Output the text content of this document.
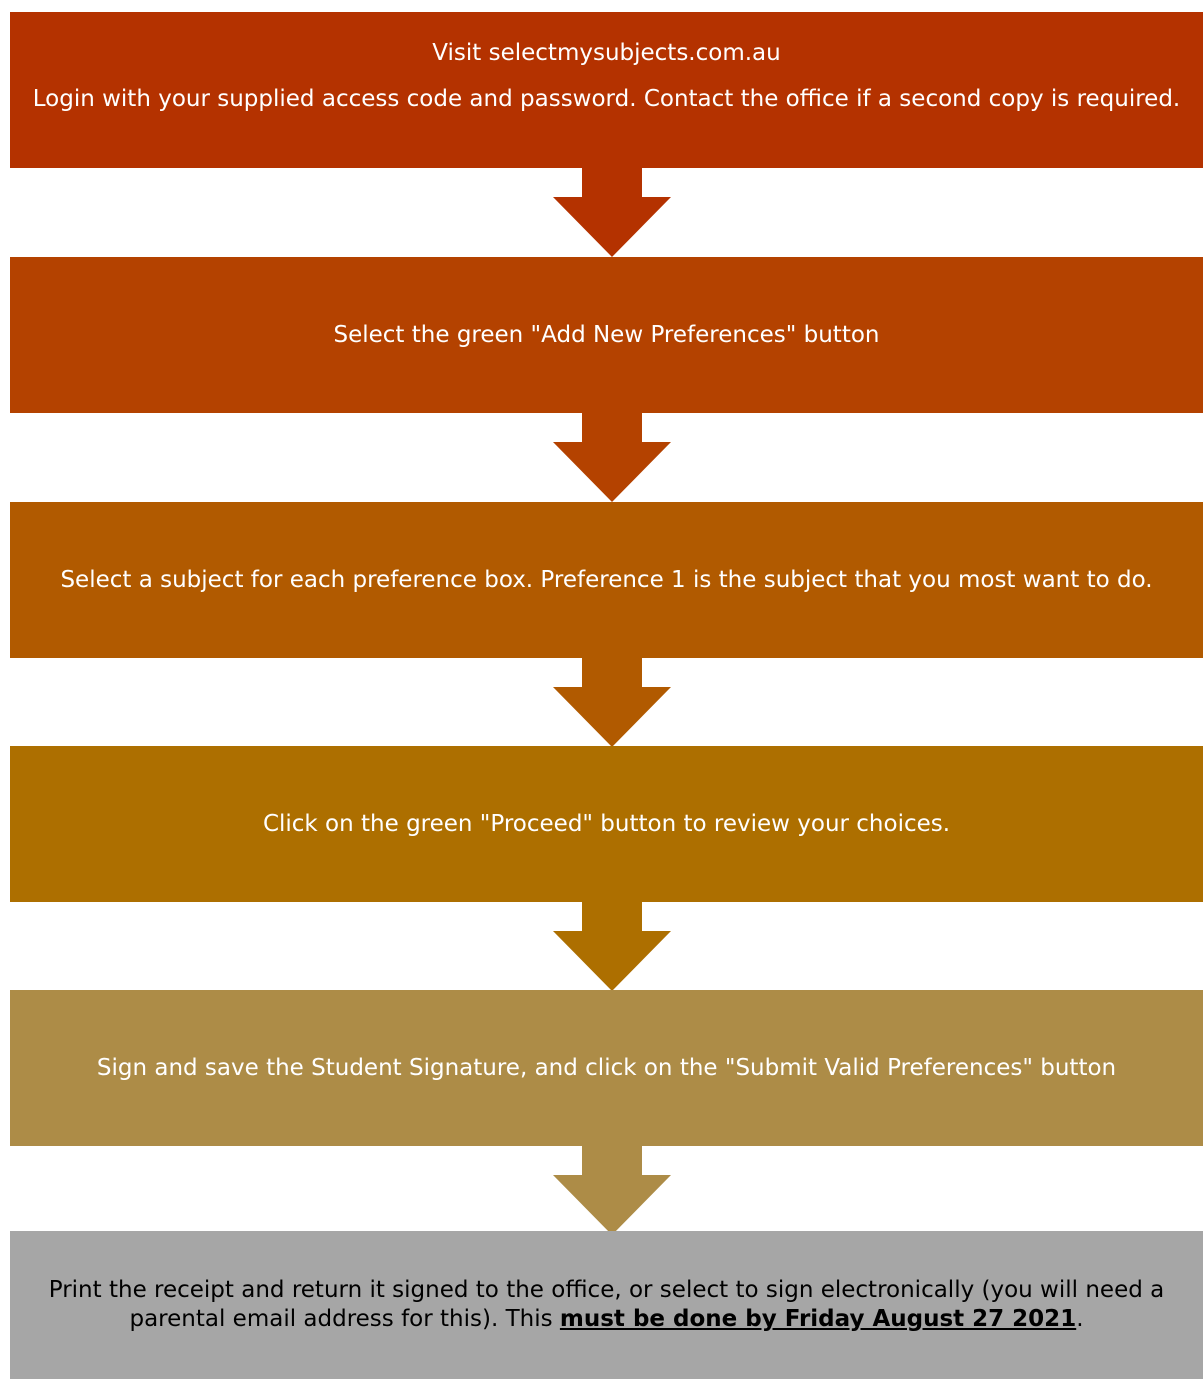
Visit selectmysubjects.com.au

Login with your supplied access code and password. Contact the office if a second copy is required.

Select the green "Add New Preferences" button

Select a subject for each preference box. Preference 1 is the subject that you most want to do.

Click on the green "Proceed" button to review your choices.

Sign and save the Student Signature, and click on the "Submit Valid Preferences" button

Print the receipt and return it signed to the office, or select to sign electronically (you will need a parental email address for this). This must be done by Friday August 27 2021.
